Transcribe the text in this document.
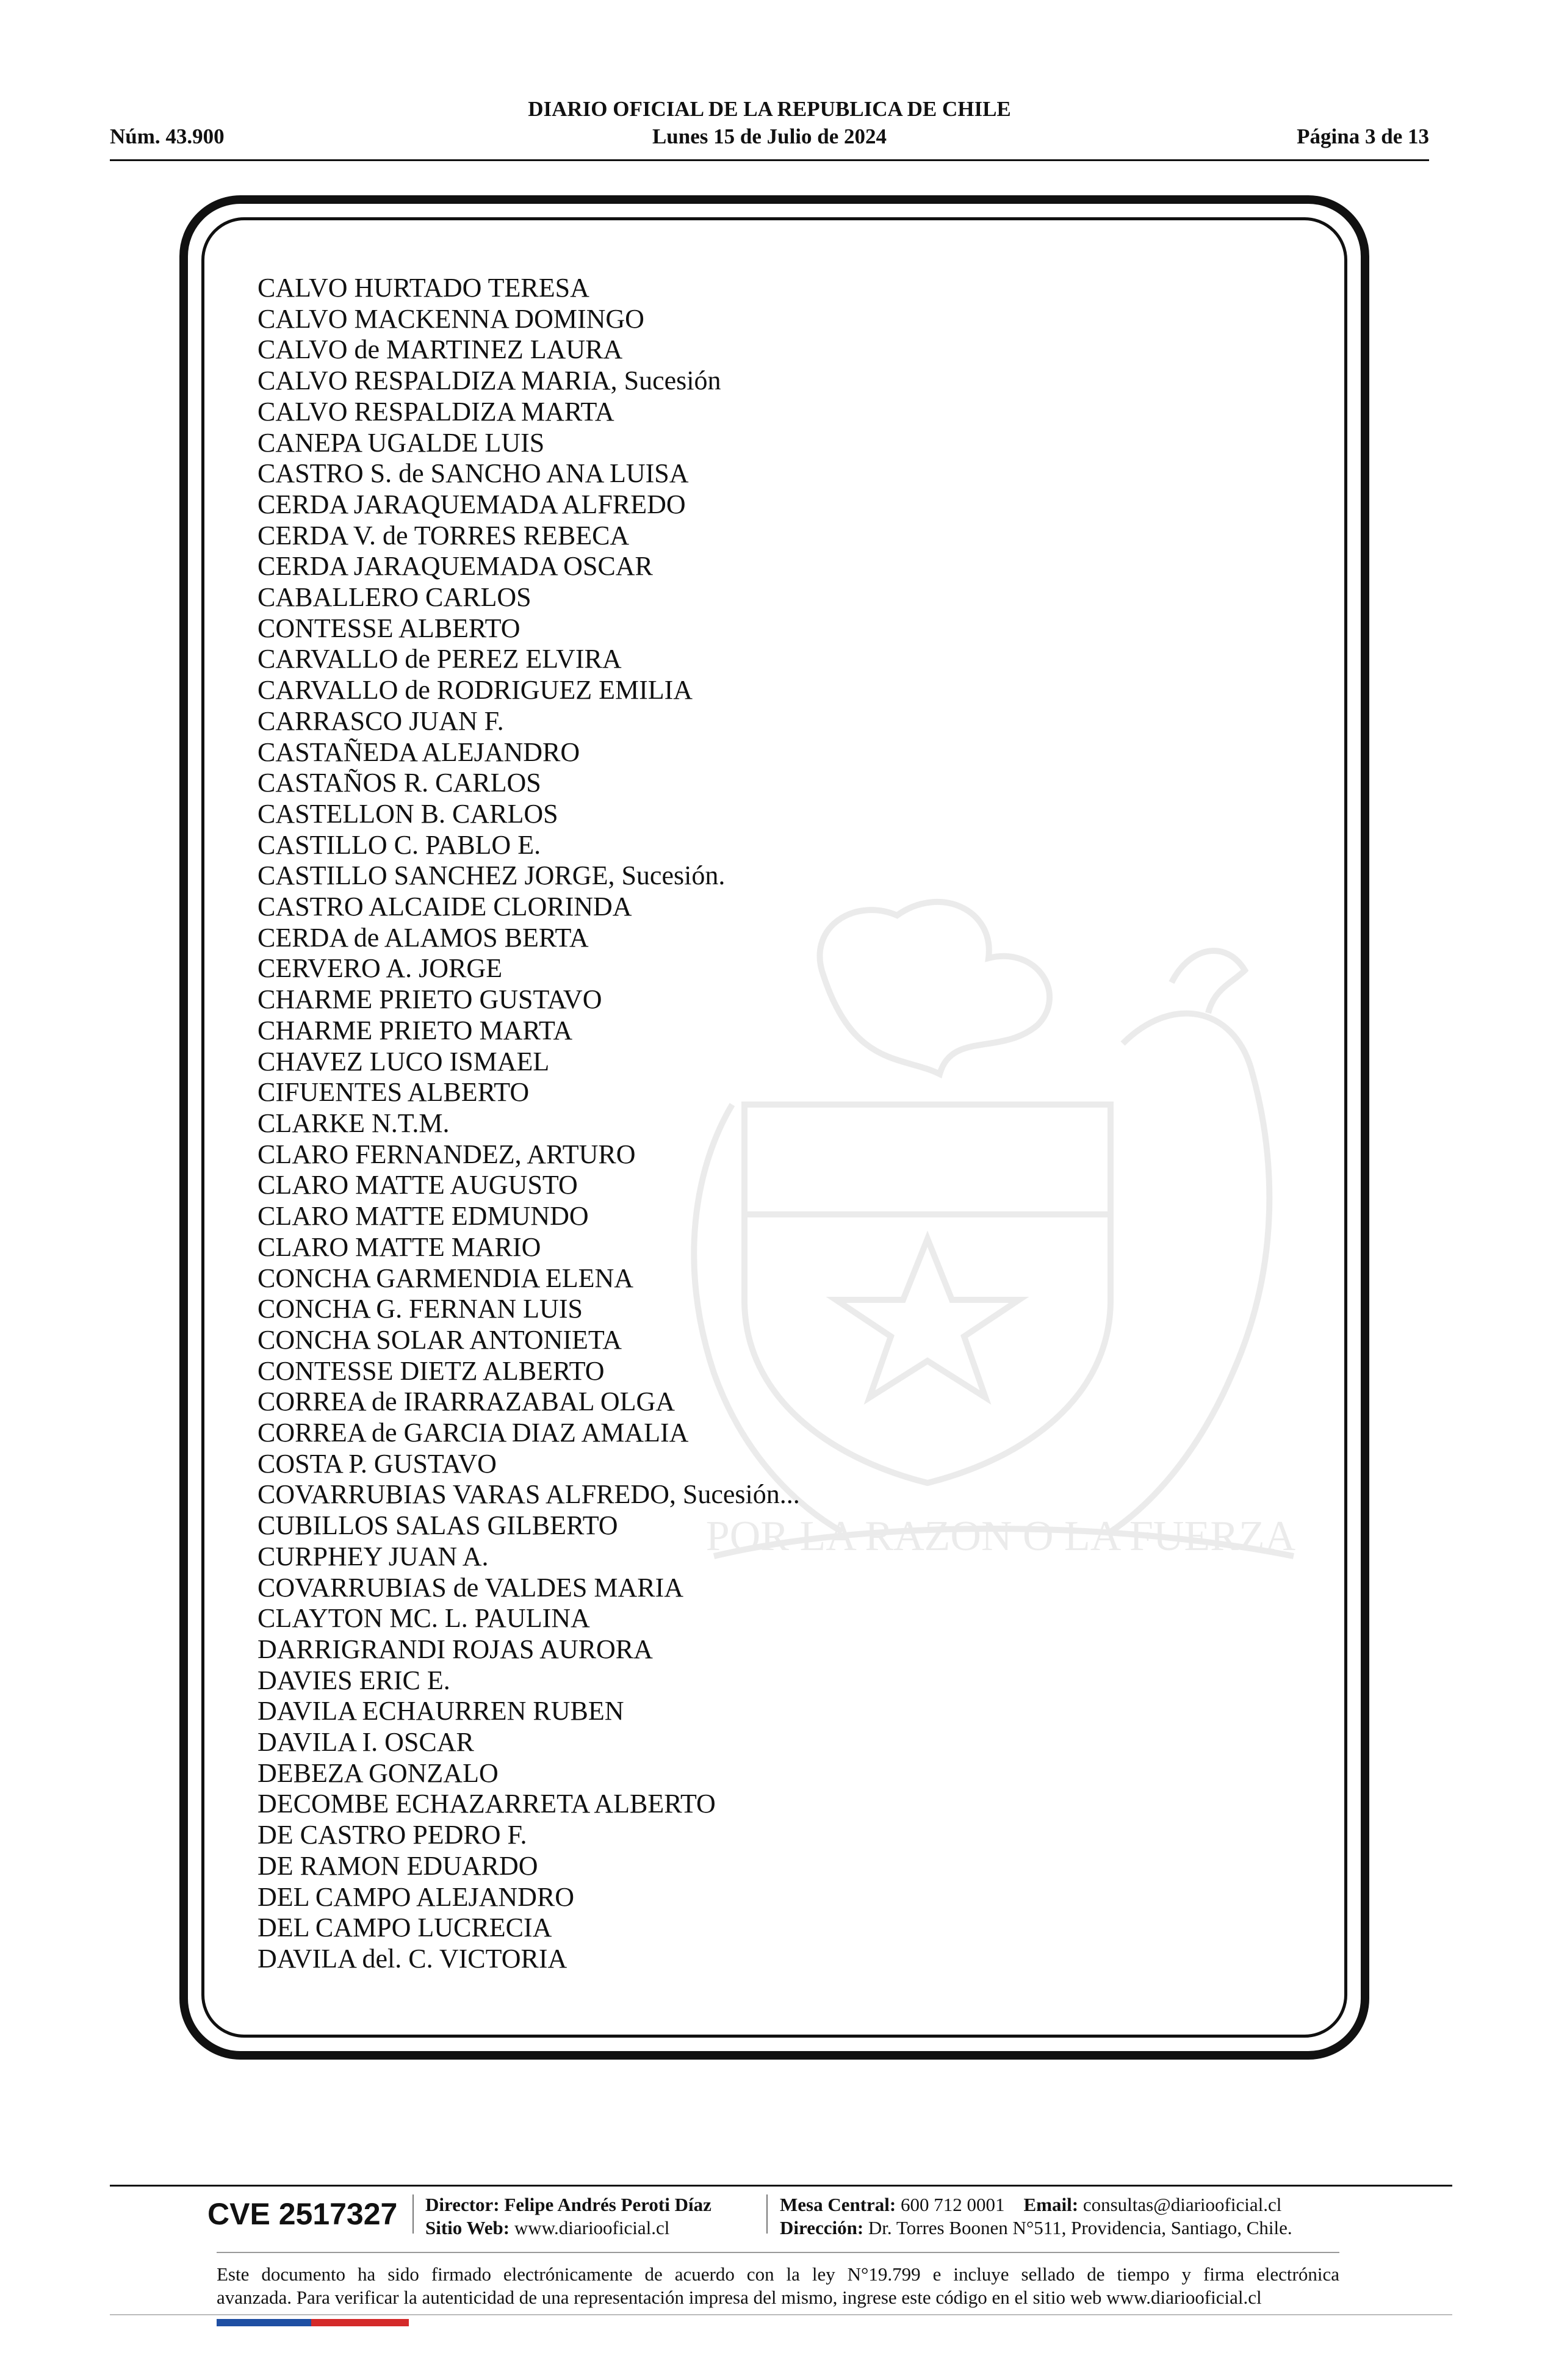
DIARIO OFICIAL DE LA REPUBLICA DE CHILE
Núm. 43.900	Lunes 15 de Julio de 2024	Página 3 de 13
POR LA RAZON O LA FUERZA
CALVO HURTADO TERESA
CALVO MACKENNA DOMINGO
CALVO de MARTINEZ LAURA
CALVO RESPALDIZA MARIA, Sucesión
CALVO RESPALDIZA MARTA
CANEPA UGALDE LUIS
CASTRO S. de SANCHO ANA LUISA
CERDA JARAQUEMADA ALFREDO
CERDA V. de TORRES REBECA
CERDA JARAQUEMADA OSCAR
CABALLERO CARLOS
CONTESSE ALBERTO
CARVALLO de PEREZ ELVIRA
CARVALLO de RODRIGUEZ EMILIA
CARRASCO JUAN F.
CASTAÑEDA ALEJANDRO
CASTAÑOS R. CARLOS
CASTELLON B. CARLOS
CASTILLO C. PABLO E.
CASTILLO SANCHEZ JORGE, Sucesión.
CASTRO ALCAIDE CLORINDA
CERDA de ALAMOS BERTA
CERVERO A. JORGE
CHARME PRIETO GUSTAVO
CHARME PRIETO MARTA
CHAVEZ LUCO ISMAEL
CIFUENTES ALBERTO
CLARKE N.T.M.
CLARO FERNANDEZ, ARTURO
CLARO MATTE AUGUSTO
CLARO MATTE EDMUNDO
CLARO MATTE MARIO
CONCHA GARMENDIA ELENA
CONCHA G. FERNAN LUIS
CONCHA SOLAR ANTONIETA
CONTESSE DIETZ ALBERTO
CORREA de IRARRAZABAL OLGA
CORREA de GARCIA DIAZ AMALIA
COSTA P. GUSTAVO
COVARRUBIAS VARAS ALFREDO, Sucesión...
CUBILLOS SALAS GILBERTO
CURPHEY JUAN A.
COVARRUBIAS de VALDES MARIA
CLAYTON MC. L. PAULINA
DARRIGRANDI ROJAS AURORA
DAVIES ERIC E.
DAVILA ECHAURREN RUBEN
DAVILA I. OSCAR
DEBEZA GONZALO
DECOMBE ECHAZARRETA ALBERTO
DE CASTRO PEDRO F.
DE RAMON EDUARDO
DEL CAMPO ALEJANDRO
DEL CAMPO LUCRECIA
DAVILA del. C. VICTORIA
CVE 2517327 Director: Felipe Andrés Peroti Díaz
Sitio Web: www.diariooficial.cl
Mesa Central: 600 712 0001 Email: consultas@diariooficial.cl
Dirección: Dr. Torres Boonen N°511, Providencia, Santiago, Chile.
Este documento ha sido firmado electrónicamente de acuerdo con la ley N°19.799 e incluye sellado de tiempo y firma electrónica
avanzada. Para verificar la autenticidad de una representación impresa del mismo, ingrese este código en el sitio web www.diariooficial.cl
